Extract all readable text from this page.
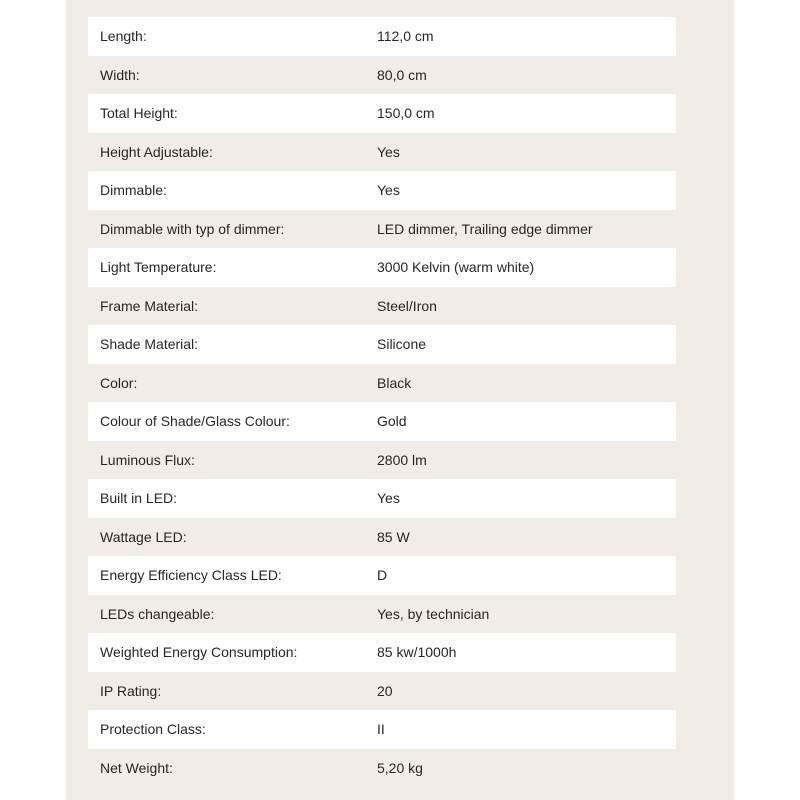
Length:	112,0 cm
Width:	80,0 cm
Total Height:	150,0 cm
Height Adjustable:	Yes
Dimmable:	Yes
Dimmable with typ of dimmer:	LED dimmer, Trailing edge dimmer
Light Temperature:	3000 Kelvin (warm white)
Frame Material:	Steel/Iron
Shade Material:	Silicone
Color:	Black
Colour of Shade/Glass Colour:	Gold
Luminous Flux:	2800 lm
Built in LED:	Yes
Wattage LED:	85 W
Energy Efficiency Class LED:	D
LEDs changeable:	Yes, by technician
Weighted Energy Consumption:	85 kw/1000h
IP Rating:	20
Protection Class:	II
Net Weight:	5,20 kg
